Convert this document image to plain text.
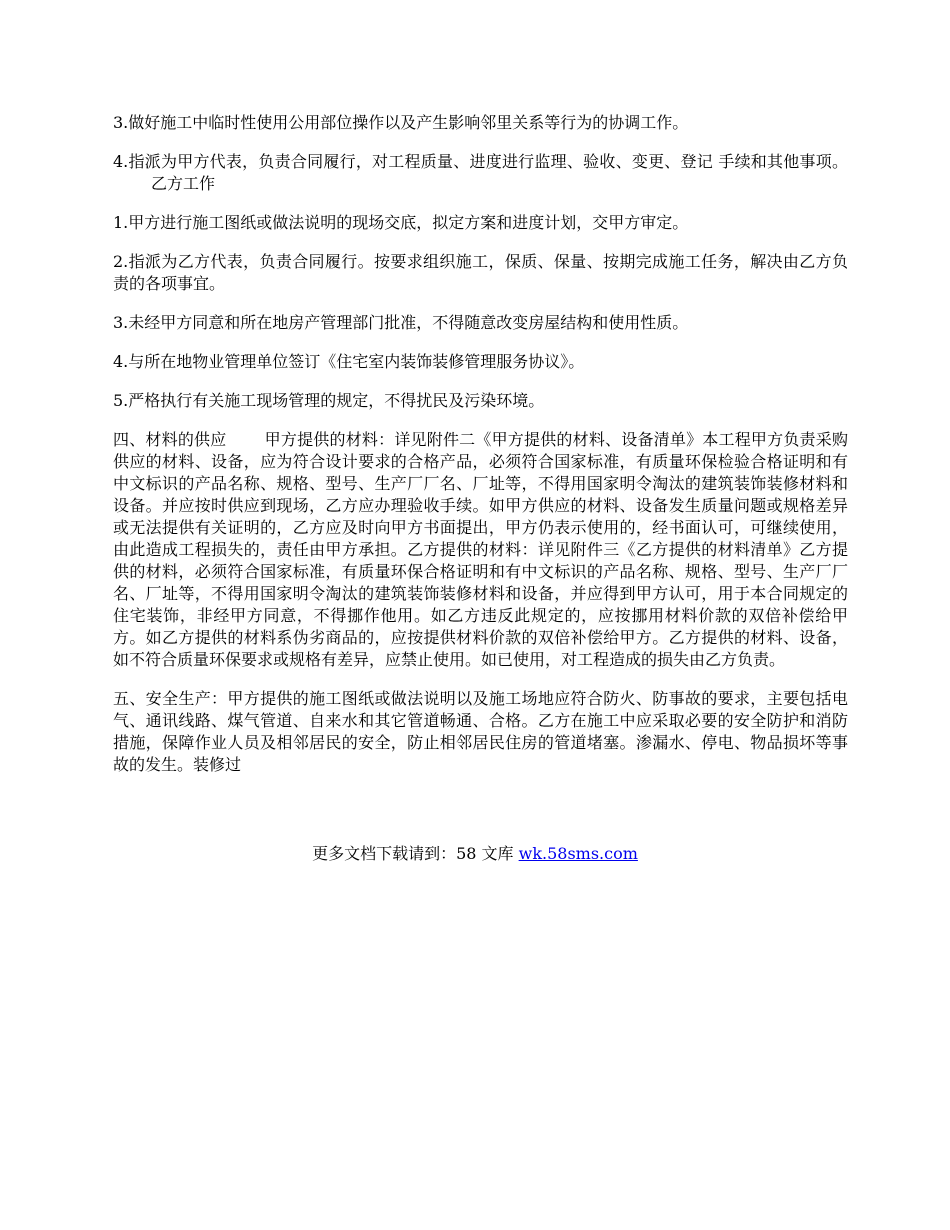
3.做好施工中临时性使用公用部位操作以及产生影响邻里关系等行为的协调工作。

4.指派为甲方代表，负责合同履行，对工程质量、进度进行监理、验收、变更、登记 手续和其他事项。乙方工作

1.甲方进行施工图纸或做法说明的现场交底，拟定方案和进度计划，交甲方审定。

2.指派为乙方代表，负责合同履行。按要求组织施工，保质、保量、按期完成施工任务，解决由乙方负责的各项事宜。

3.未经甲方同意和所在地房产管理部门批准，不得随意改变房屋结构和使用性质。

4.与所在地物业管理单位签订《住宅室内装饰装修管理服务协议》。

5.严格执行有关施工现场管理的规定，不得扰民及污染环境。

四、材料的供应 甲方提供的材料：详见附件二《甲方提供的材料、设备清单》本工程甲方负责采购供应的材料、设备，应为符合设计要求的合格产品，必须符合国家标准，有质量环保检验合格证明和有中文标识的产品名称、规格、型号、生产厂厂名、厂址等，不得用国家明令淘汰的建筑装饰装修材料和设备。并应按时供应到现场，乙方应办理验收手续。如甲方供应的材料、设备发生质量问题或规格差异或无法提供有关证明的，乙方应及时向甲方书面提出，甲方仍表示使用的，经书面认可，可继续使用，由此造成工程损失的，责任由甲方承担。乙方提供的材料：详见附件三《乙方提供的材料清单》乙方提供的材料，必须符合国家标准，有质量环保合格证明和有中文标识的产品名称、规格、型号、生产厂厂名、厂址等，不得用国家明令淘汰的建筑装饰装修材料和设备，并应得到甲方认可，用于本合同规定的住宅装饰，非经甲方同意，不得挪作他用。如乙方违反此规定的，应按挪用材料价款的双倍补偿给甲方。如乙方提供的材料系伪劣商品的，应按提供材料价款的双倍补偿给甲方。乙方提供的材料、设备，如不符合质量环保要求或规格有差异，应禁止使用。如已使用，对工程造成的损失由乙方负责。

五、安全生产：甲方提供的施工图纸或做法说明以及施工场地应符合防火、防事故的要求，主要包括电气、通讯线路、煤气管道、自来水和其它管道畅通、合格。乙方在施工中应采取必要的安全防护和消防措施，保障作业人员及相邻居民的安全，防止相邻居民住房的管道堵塞。渗漏水、停电、物品损坏等事故的发生。装修过

更多文档下载请到：58 文库 wk.58sms.com
